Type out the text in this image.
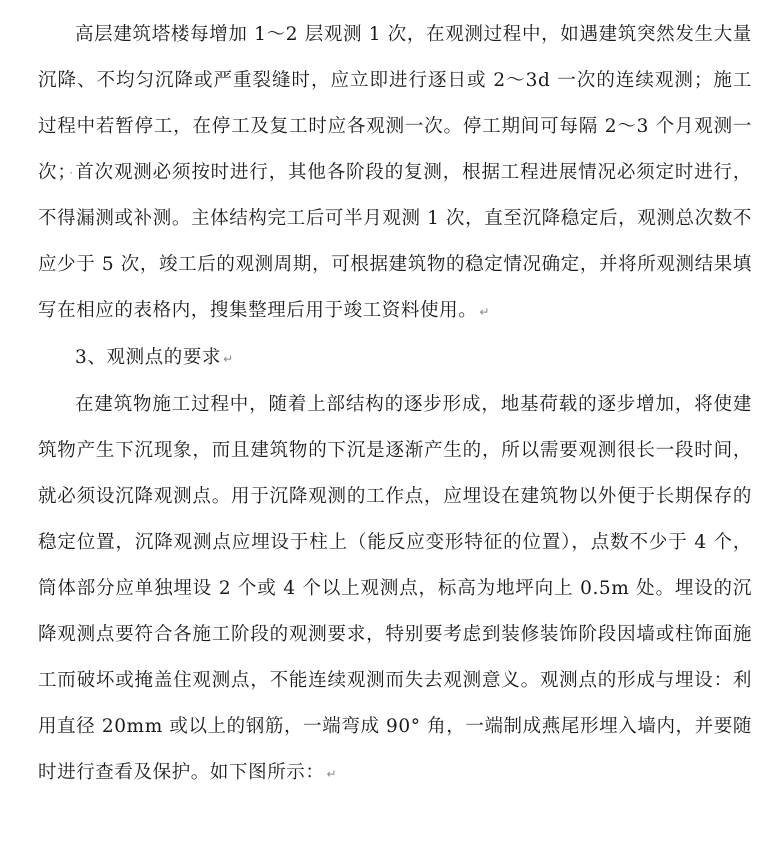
高层建筑塔楼每增加 1～2 层观测 1 次，在观测过程中，如遇建筑突然发生大量沉降、不均匀沉降或严重裂缝时，应立即进行逐日或 2～3d 一次的连续观测；施工过程中若暂停工，在停工及复工时应各观测一次。停工期间可每隔 2～3 个月观测一次； · 首次观测必须按时进行，其他各阶段的复测，根据工程进展情况必须定时进行，不得漏测或补测。主体结构完工后可半月观测 1 次，直至沉降稳定后，观测总次数不应少于 5 次，竣工后的观测周期，可根据建筑物的稳定情况确定，并将所观测结果填写在相应的表格内，搜集整理后用于竣工资料使用。 ↵

3、观测点的要求 ↵

在建筑物施工过程中，随着上部结构的逐步形成，地基荷载的逐步增加，将使建筑物产生下沉现象，而且建筑物的下沉是逐渐产生的，所以需要观测很长一段时间，就必须设沉降观测点。用于沉降观测的工作点，应埋设在建筑物以外便于长期保存的稳定位置，沉降观测点应埋设于柱上（能反应变形特征的位置），点数不少于 4 个，筒体部分应单独埋设 2 个或 4 个以上观测点，标高为地坪向上 0.5m 处。埋设的沉降观测点要符合各施工阶段的观测要求，特别要考虑到装修装饰阶段因墙或柱饰面施工而破坏或掩盖住观测点，不能连续观测而失去观测意义。观测点的形成与埋设：利用直径 20mm 或以上的钢筋，一端弯成 90° 角，一端制成燕尾形埋入墙内，并要随时进行查看及保护。如下图所示： ↵
